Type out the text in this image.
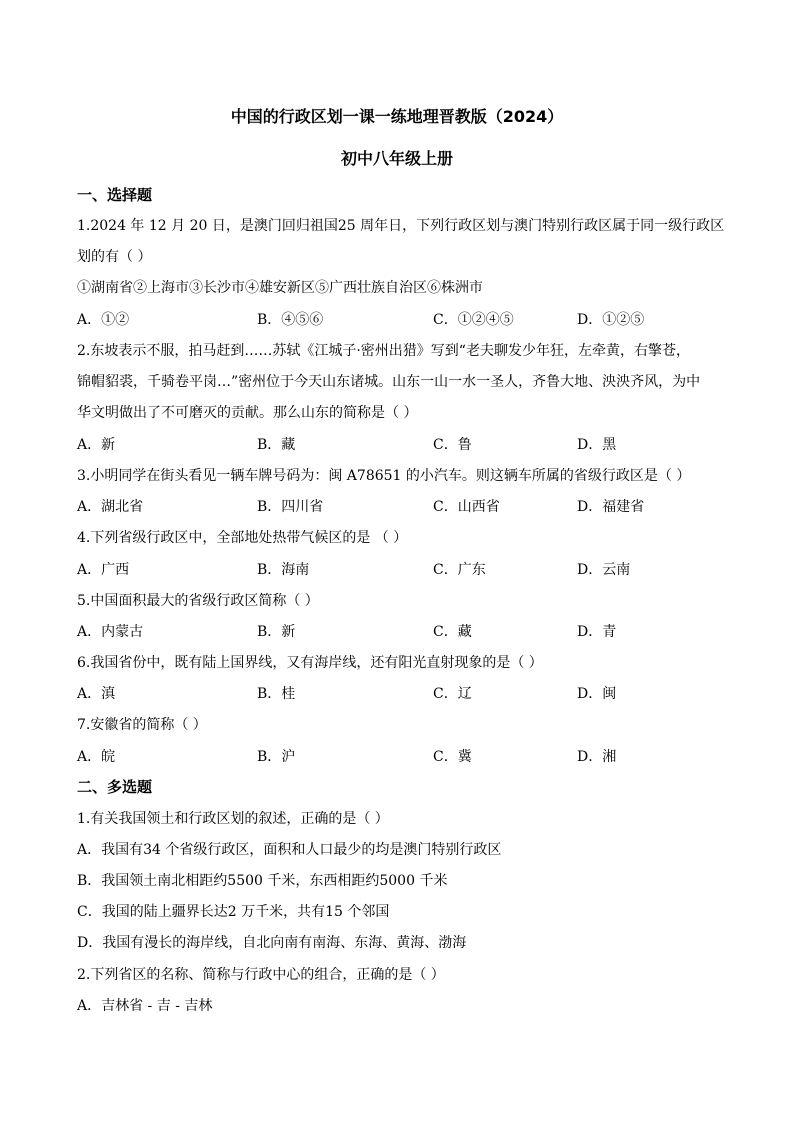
中国的行政区划一课一练地理晋教版（2024）
初中八年级上册
一、选择题
1.2024 年 12 月 20 日，是澳门回归祖国25 周年日，下列行政区划与澳门特别行政区属于同一级行政区
划的有（ ）
①湖南省②上海市③长沙市④雄安新区⑤广西壮族自治区⑥株洲市
A．①②	B．④⑤⑥	C．①②④⑤	D．①②⑤
2.东坡表示不服，拍马赶到……苏轼《江城子·密州出猎》写到“老夫聊发少年狂，左牵黄，右擎苍，
锦帽貂裘，千骑卷平岗…”密州位于今天山东诸城。山东一山一水一圣人，齐鲁大地、泱泱齐风，为中
华文明做出了不可磨灭的贡献。那么山东的简称是（ ）
A．新	B．藏	C．鲁	D．黑
3.小明同学在街头看见一辆车牌号码为：闽 A78651 的小汽车。则这辆车所属的省级行政区是（ ）
A．湖北省	B．四川省	C．山西省	D．福建省
4.下列省级行政区中，全部地处热带气候区的是 （ ）
A．广西	B．海南	C．广东	D．云南
5.中国面积最大的省级行政区简称（ ）
A．内蒙古	B．新	C．藏	D．青
6.我国省份中，既有陆上国界线，又有海岸线，还有阳光直射现象的是（ ）
A．滇	B．桂	C．辽	D．闽
7.安徽省的简称（ ）
A．皖	B．沪	C．冀	D．湘
二、多选题
1.有关我国领土和行政区划的叙述，正确的是（ ）
A．我国有34 个省级行政区，面积和人口最少的均是澳门特别行政区
B．我国领土南北相距约5500 千米，东西相距约5000 千米
C．我国的陆上疆界长达2 万千米，共有15 个邻国
D．我国有漫长的海岸线，自北向南有南海、东海、黄海、渤海
2.下列省区的名称、简称与行政中心的组合，正确的是（ ）
A．吉林省 - 吉 - 吉林
